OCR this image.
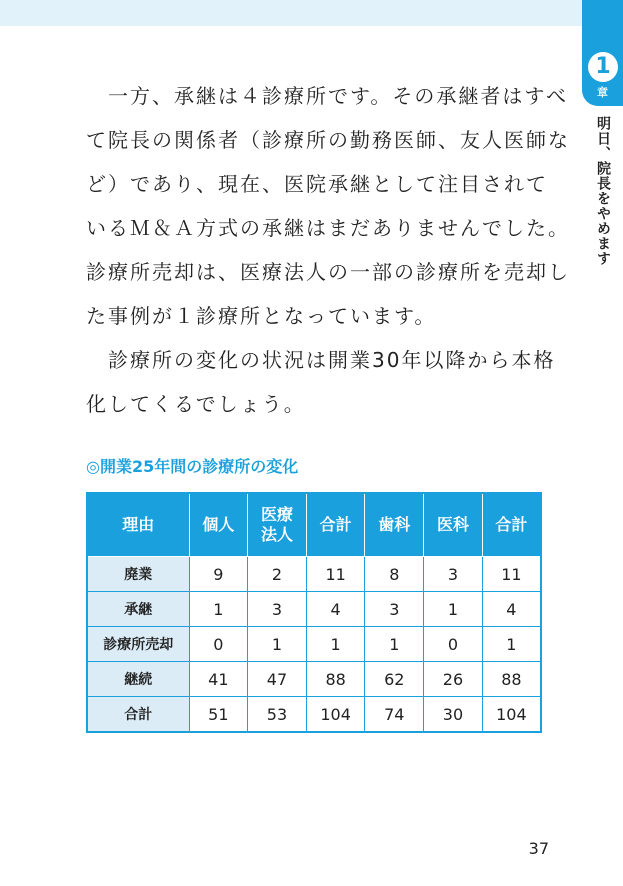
1
章
明日、院長をやめます

一方、承継は４診療所です。その承継者はすべ

て院長の関係者（診療所の勤務医師、友人医師な

ど）であり、現在、医院承継として注目されて

いるＭ＆Ａ方式の承継はまだありませんでした。

診療所売却は、医療法人の一部の診療所を売却し

た事例が１診療所となっています。

診療所の変化の状況は開業30年以降から本格

化してくるでしょう。

◎開業25年間の診療所の変化
理由	個人	医療
法人	合計	歯科	医科	合計
廃業	9	2	11	8	3	11
承継	1	3	4	3	1	4
診療所売却	0	1	1	1	0	1
継続	41	47	88	62	26	88
合計	51	53	104	74	30	104
37
